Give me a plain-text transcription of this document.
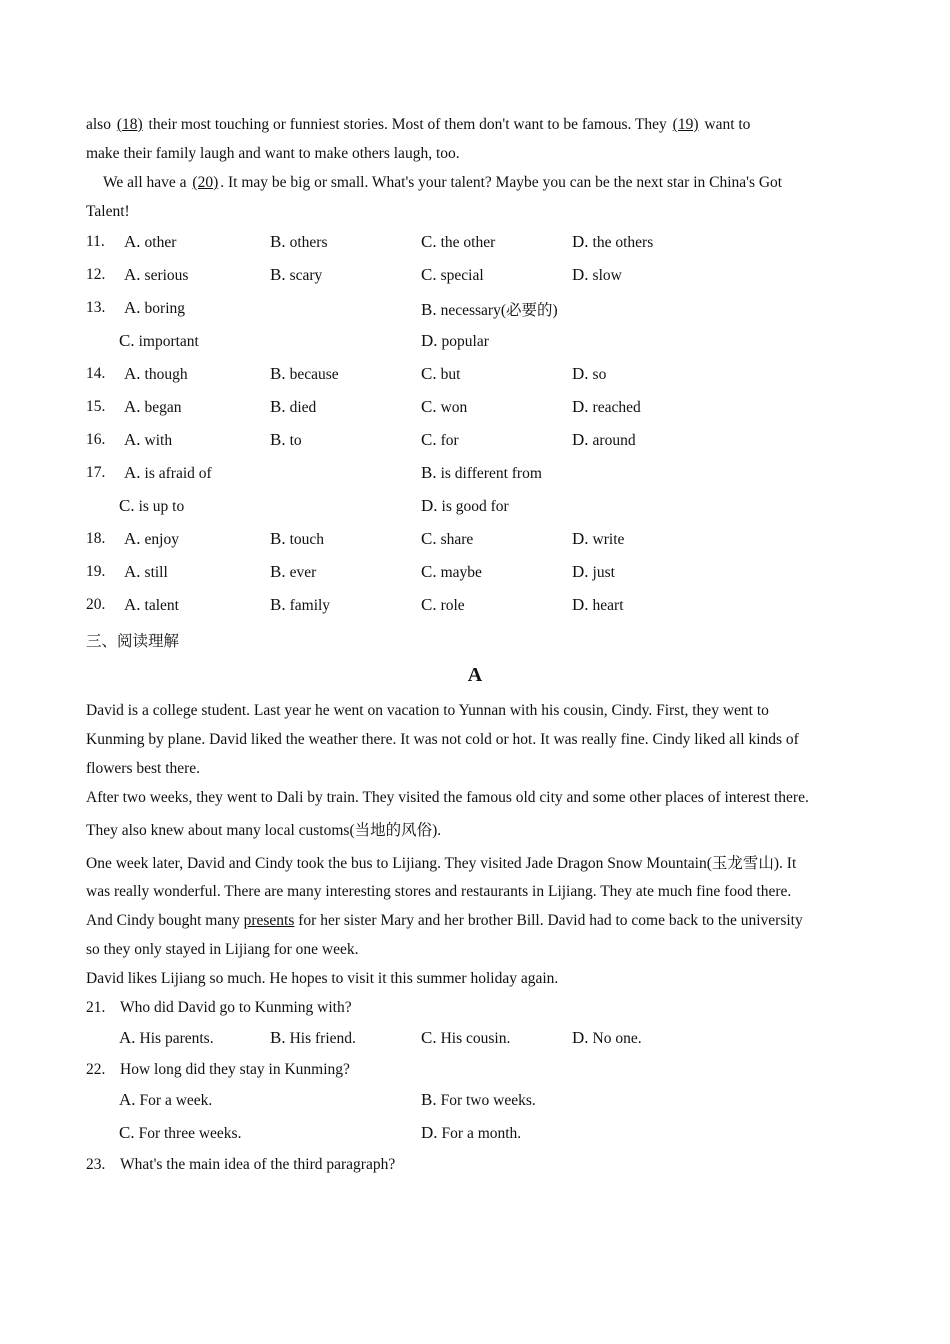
also (18) their most touching or funniest stories. Most of them don't want to be famous. They (19) want to
make their family laugh and want to make others laugh, too.
We all have a (20) . It may be big or small. What's your talent? Maybe you can be the next star in China's Got
Talent!
11. A. other	B. others	C. the other	D. the others
12. A. serious	B. scary	C. special	D. slow
13. A. boring	B. necessary(必要的)
C. important	D. popular
14. A. though	B. because	C. but	D. so
15. A. began	B. died	C. won	D. reached
16. A. with	B. to	C. for	D. around
17. A. is afraid of	B. is different from
C. is up to	D. is good for
18. A. enjoy	B. touch	C. share	D. write
19. A. still	B. ever	C. maybe	D. just
20. A. talent	B. family	C. role	D. heart
三、阅读理解
A
David is a college student. Last year he went on vacation to Yunnan with his cousin, Cindy. First, they went to
Kunming by plane. David liked the weather there. It was not cold or hot. It was really fine. Cindy liked all kinds of
flowers best there.
After two weeks, they went to Dali by train. They visited the famous old city and some other places of interest there.
They also knew about many local customs(当地的风俗).
One week later, David and Cindy took the bus to Lijiang. They visited Jade Dragon Snow Mountain(玉龙雪山). It
was really wonderful. There are many interesting stores and restaurants in Lijiang. They ate much fine food there.
And Cindy bought many presents for her sister Mary and her brother Bill. David had to come back to the university
so they only stayed in Lijiang for one week.
David likes Lijiang so much. He hopes to visit it this summer holiday again.
21. Who did David go to Kunming with?
A. His parents.	B. His friend.	C. His cousin.	D. No one.
22. How long did they stay in Kunming?
A. For a week.	B. For two weeks.
C. For three weeks.	D. For a month.
23. What's the main idea of the third paragraph?
